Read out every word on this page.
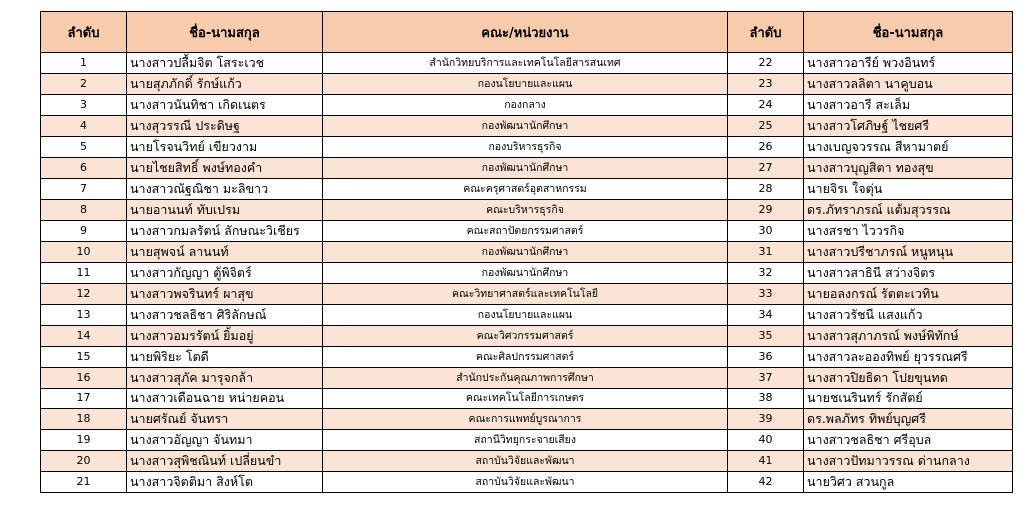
ลำดับ	ชื่อ-นามสกุล	คณะ/หน่วยงาน	ลำดับ	ชื่อ-นามสกุล
1	นางสาวปลื้มจิต โสระเวช	สำนักวิทยบริการและเทคโนโลยีสารสนเทศ	22	นางสาวอารีย์ พวงอินทร์
2	นายสุภภักดิ์ รักษ์แก้ว	กองนโยบายและแผน	23	นางสาวลลิตา นาคูบอน
3	นางสาวนันทิชา เกิดเนตร	กองกลาง	24	นางสาวอารี สะเล็ม
4	นางสุวรรณี ประดิษฐ	กองพัฒนานักศึกษา	25	นางสาวโศภิษฐ์ ไชยศรี
5	นายโรจนวิทย์ เขียวงาม	กองบริหารธุรกิจ	26	นางเบญจวรรณ สีหามาตย์
6	นายไชยสิทธิ์ พงษ์ทองคำ	กองพัฒนานักศึกษา	27	นางสาวบุญสิตา ทองสุข
7	นางสาวณัฐณิชา มะลิขาว	คณะครุศาสตร์อุตสาหกรรม	28	นายจิรเ ใจตุ่น
8	นายอานนท์ ทับเปรม	คณะบริหารธุรกิจ	29	ดร.ภัทราภรณ์ แต้มสุวรรณ
9	นางสาวกมลรัตน์ ลักษณะวิเชียร	คณะสถาปัตยกรรมศาสตร์	30	นางสรชา ไววรกิจ
10	นายสุพจน์ ลานนท์	กองพัฒนานักศึกษา	31	นางสาวปรีชาภรณ์ หนูหนุน
11	นางสาวกัญญา ตู้พิจิตร์	กองพัฒนานักศึกษา	32	นางสาวสาธินี สว่างจิตร
12	นางสาวพจรินทร์ ผาสุข	คณะวิทยาศาสตร์และเทคโนโลยี	33	นายอลงกรณ์ รัตตะเวทิน
13	นางสาวชลธิชา ศิริลักษณ์	กองนโยบายและแผน	34	นางสาวรัชนี แสงแก้ว
14	นางสาวอมรรัตน์ ยิ้มอยู่	คณะวิศวกรรมศาสตร์	35	นางสาวสุภาภรณ์ พงษ์พิทักษ์
15	นายพิริยะ โตดี	คณะศิลปกรรมศาสตร์	36	นางสาวละอองทิพย์ ยุวรรณศรี
16	นางสาวสุภัค มารุจกล้า	สำนักประกันคุณภาพการศึกษา	37	นางสาวปิยธิดา โปยขุนทด
17	นางสาวเดือนฉาย หน่ายคอน	คณะเทคโนโลยีการเกษตร	38	นายชเนรินทร์ รักสัตย์
18	นายศรัณย์ จันทรา	คณะการแพทย์บูรณาการ	39	ดร.พลภัทร ทิพย์บุญศรี
19	นางสาวอัญญา จันทมา	สถานีวิทยุกระจายเสียง	40	นางสาวชลธิชา ศรีอุบล
20	นางสาวสุพิชณินท์ เปลี่ยนขำ	สถาบันวิจัยและพัฒนา	41	นางสาวปัทมาวรรณ ด่านกลาง
21	นางสาวจิตติมา สิงห์โต	สถาบันวิจัยและพัฒนา	42	นายวิศว สวนกูล
